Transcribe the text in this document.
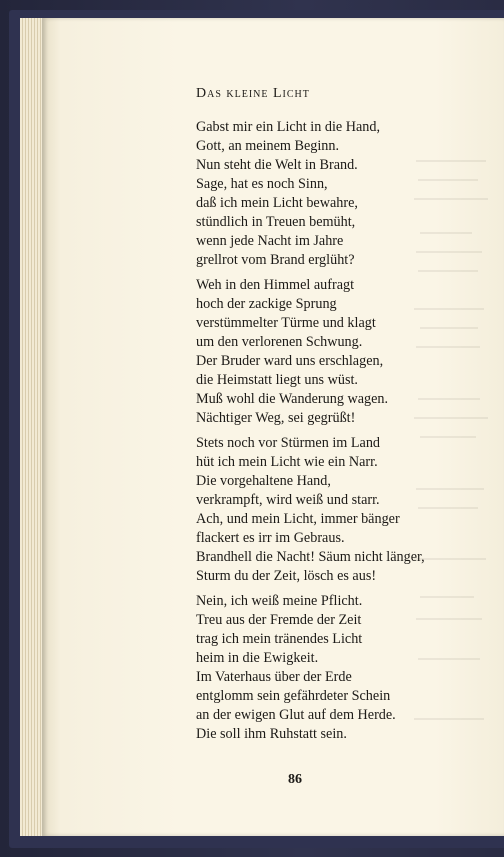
Das kleine Licht
Gabst mir ein Licht in die Hand,
Gott, an meinem Beginn.
Nun steht die Welt in Brand.
Sage, hat es noch Sinn,
daß ich mein Licht bewahre,
stündlich in Treuen bemüht,
wenn jede Nacht im Jahre
grellrot vom Brand erglüht?
Weh in den Himmel aufragt
hoch der zackige Sprung
verstümmelter Türme und klagt
um den verlorenen Schwung.
Der Bruder ward uns erschlagen,
die Heimstatt liegt uns wüst.
Muß wohl die Wanderung wagen.
Nächtiger Weg, sei gegrüßt!
Stets noch vor Stürmen im Land
hüt ich mein Licht wie ein Narr.
Die vorgehaltene Hand,
verkrampft, wird weiß und starr.
Ach, und mein Licht, immer bänger
flackert es irr im Gebraus.
Brandhell die Nacht! Säum nicht länger,
Sturm du der Zeit, lösch es aus!
Nein, ich weiß meine Pflicht.
Treu aus der Fremde der Zeit
trag ich mein tränendes Licht
heim in die Ewigkeit.
Im Vaterhaus über der Erde
entglomm sein gefährdeter Schein
an der ewigen Glut auf dem Herde.
Die soll ihm Ruhstatt sein.
86
